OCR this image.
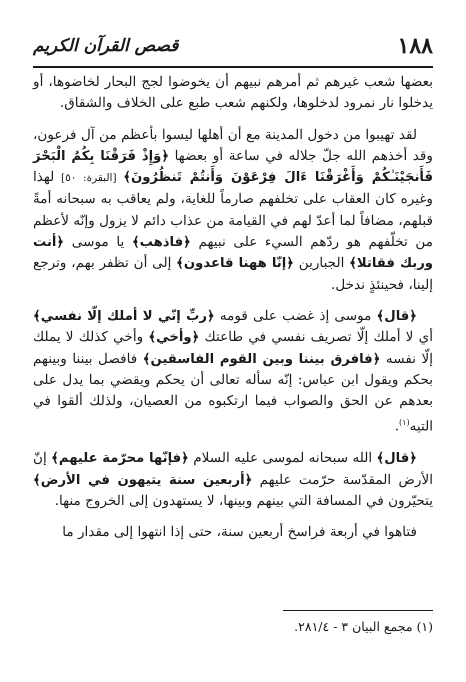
١٨٨
قصص القرآن الكريم

بعضها شعب غيرهم ثم أمرهم نبيهم أن يخوضوا لجج البحار لخاضوها، أو يدخلوا نار نمرود لدخلوها، ولكنهم شعب طبع على الخلاف والشقاق.

لقد تهيبوا من دخول المدينة مع أن أهلها ليسوا بأعظم من آل فرعون، وقد أخذهم الله جلّ جلاله في ساعة أو بعضها ﴿وَإِذْ فَرَقْنَا بِكُمُ الْبَحْرَ فَأَنجَيْنَـٰكُمْ وَأَغْرَقْنَا ءَالَ فِرْعَوْنَ وَأَنتُمْ تَنظُرُونَ﴾ [البقرة: ٥٠] لهذا وغيره كان العقاب على تخلفهم صارماً للغاية، ولم يعاقب به سبحانه أمةً قبلهم، مضافاً لما أعدّ لهم في القيامة من عذاب دائم لا يزول وإنّه لأعظم من تخلّفهم هو ردّهم السيء على نبيهم ﴿فاذهب﴾ يا موسى ﴿أنت وربك فقاتلا﴾ الجبارين ﴿إنّا ههنا قاعدون﴾ إلى أن تظفر بهم، وترجع إلينا، فحينئذٍ ندخل.

﴿قال﴾ موسى إذ غضب على قومه ﴿ربِّ إنّي لا أملك إلّا نفسي﴾ أي لا أملك إلّا تصريف نفسي في طاعتك ﴿وأخي﴾ وأخي كذلك لا يملك إلّا نفسه ﴿فافرق بيننا وبين القوم الفاسقين﴾ فافصل بيننا وبينهم بحكم ويقول ابن عباس: إنّه سأله تعالى أن يحكم ويقضي بما يدل على بعدهم عن الحق والصواب فيما ارتكبوه من العصيان، ولذلك ألقوا في التيه$^{(١)}$.

﴿قال﴾ الله سبحانه لموسى عليه السلام ﴿فإنّها محرّمة عليهم﴾ إنّ الأرض المقدّسة حرّمت عليهم ﴿أربعين سنة يتيهون في الأرض﴾ يتحيّرون في المسافة التي بينهم وبينها، لا يستهدون إلى الخروج منها.

فتاهوا في أربعة فراسخ أربعين سنة، حتى إذا انتهوا إلى مقدار ما

(١) مجمع البيان ٣ - ٢٨١/٤.
